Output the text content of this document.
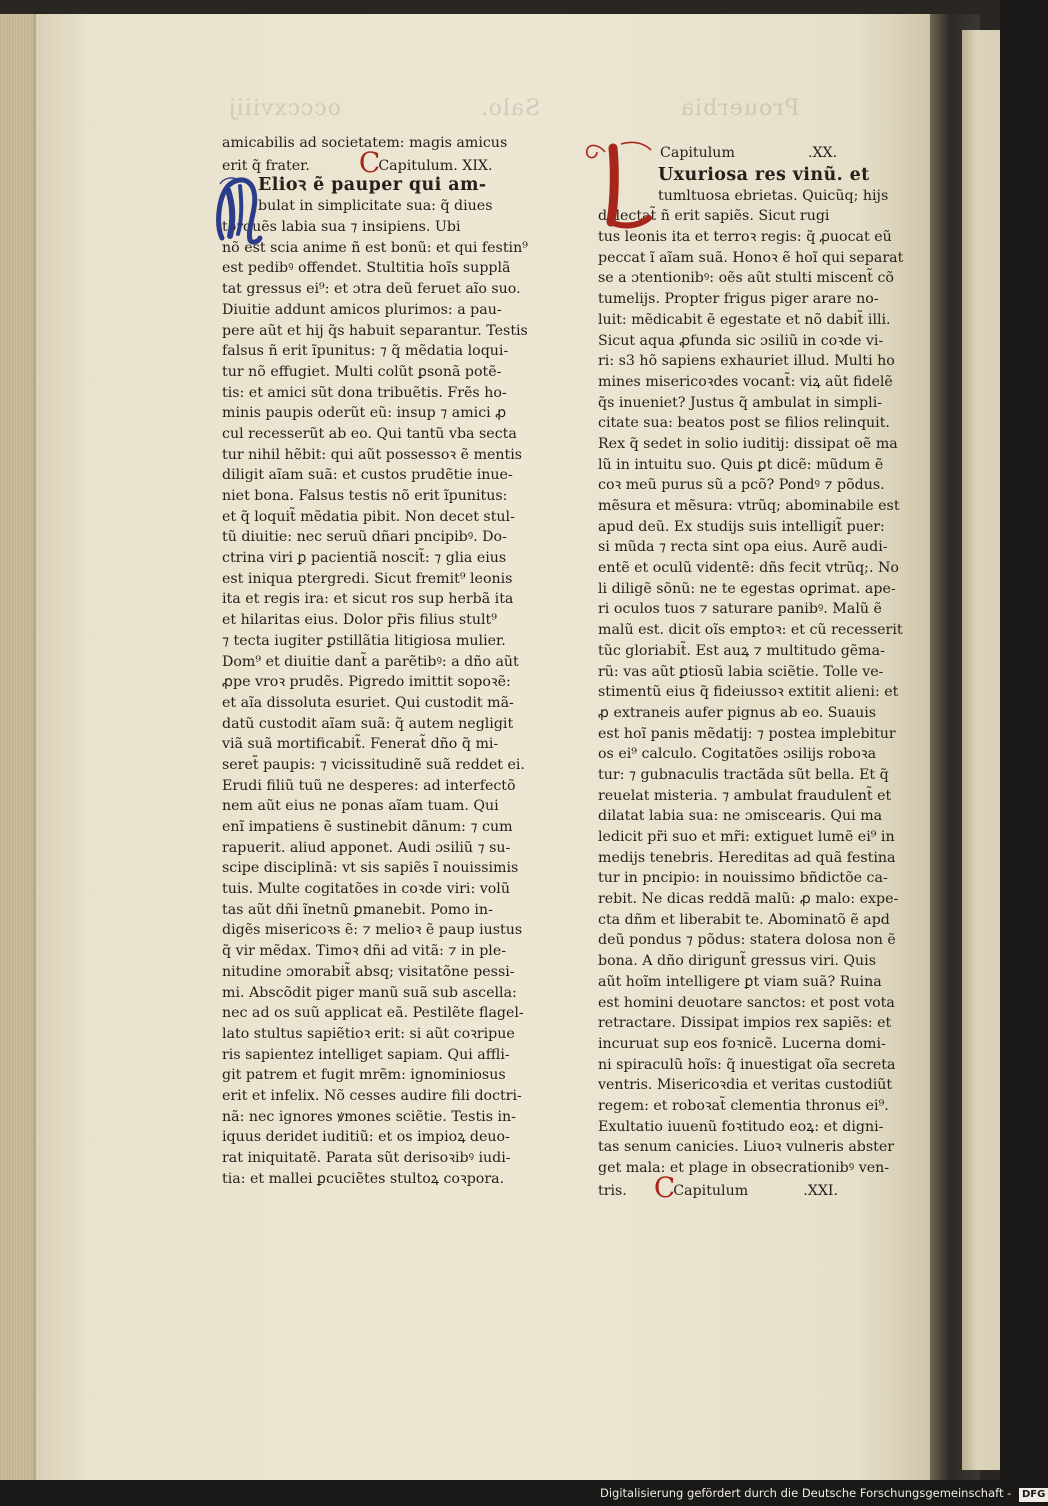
occcxviiij	Salo.	Prouerbia
amicabilis ad societatem: magis amicus
erit q̃ frater. CCapitulum. XIX.
Elioꝛ ẽ pauper qui am-
bulat in simplicitate sua: q̃ diues
torquẽs labia sua ⁊ insipiens. Ubi
nõ est scia anime ñ est bonũ: et qui festin⁹
est pedibꝰ offendet. Stultitia hoĩs supplã
tat gressus ei⁹: et ɔtra deũ feruet aĩo suo.
Diuitie addunt amicos plurimos: a pau-
pere aũt et hij q̃s habuit separantur. Testis
falsus ñ erit ĩpunitus: ⁊ q̃ mẽdatia loqui-
tur nõ effugiet. Multi colũt ꝑsonã potẽ-
tis: et amici sũt dona tribuẽtis. Frẽs ho-
minis paupis oderũt eũ: insup ⁊ amici ꝓ
cul recesserũt ab eo. Qui tantũ vba secta
tur nihil hẽbit: qui aũt possessoꝛ ẽ mentis
diligit aĩam suã: et custos prudẽtie inue-
niet bona. Falsus testis nõ erit ĩpunitus:
et q̃ loquit̃ mẽdatia pibit. Non decet stul-
tũ diuitie: nec seruũ dñari pncipibꝰ. Do-
ctrina viri ꝑ pacientiã noscit̃: ⁊ glia eius
est iniqua ptergredi. Sicut fremit⁹ leonis
ita et regis ira: et sicut ros sup herbã ita
et hilaritas eius. Dolor pr̃is filius stult⁹
⁊ tecta iugiter ꝑstillãtia litigiosa mulier.
Dom⁹ et diuitie dant̃ a parẽtibꝰ: a dño aũt
ꝓpe vroꝛ prudẽs. Pigredo imittit sopoꝛẽ:
et aĩa dissoluta esuriet. Qui custodit mã-
datũ custodit aĩam suã: q̃ autem negligit
viã suã mortificabit̃. Fenerat̃ dño q̃ mi-
seret̃ paupis: ⁊ vicissitudinẽ suã reddet ei.
Erudi filiũ tuũ ne desperes: ad interfectõ
nem aũt eius ne ponas aĩam tuam. Qui
enĩ impatiens ẽ sustinebit dãnum: ⁊ cum
rapuerit. aliud apponet. Audi ɔsiliũ ⁊ su-
scipe disciplinã: vt sis sapiẽs ĩ nouissimis
tuis. Multe cogitatões in coꝛde viri: volũ
tas aũt dñi ĩnetnũ ꝑmanebit. Pomo in-
digẽs misericoꝛs ẽ: ⁊ melioꝛ ẽ paup iustus
q̃ vir mẽdax. Timoꝛ dñi ad vitã: ⁊ in ple-
nitudine ɔmorabit̃ absq; visitatõne pessi-
mi. Abscõdit piger manũ suã sub ascella:
nec ad os suũ applicat eã. Pestilẽte flagel-
lato stultus sapiẽtioꝛ erit: si aũt coꝛripue
ris sapientez intelliget sapiam. Qui affli-
git patrem et fugit mrẽm: ignominiosus
erit et infelix. Nõ cesses audire fili doctri-
nã: nec ignores ꝟmones sciẽtie. Testis in-
iquus deridet iuditiũ: et os impioꝝ deuo-
rat iniquitatẽ. Parata sũt derisoꝛibꝰ iudi-
tia: et mallei ꝑcuciẽtes stultoꝝ coꝛpora.
Capitulum	.XX.
Uxuriosa res vinũ. et
tumltuosa ebrietas. Quicũq; hijs
delectat̃ ñ erit sapiẽs. Sicut rugi
tus leonis ita et terroꝛ regis: q̃ ꝓuocat eũ
peccat ĩ aĩam suã. Honoꝛ ẽ hoĩ qui separat
se a ɔtentionibꝰ: oẽs aũt stulti miscent̃ cõ
tumelijs. Propter frigus piger arare no-
luit: mẽdicabit ẽ egestate et nõ dabit̃ illi.
Sicut aqua ꝓfunda sic ɔsiliũ in coꝛde vi-
ri: s3 hõ sapiens exhauriet illud. Multi ho
mines misericoꝛdes vocant̃: viꝝ aũt fidelẽ
q̃s inueniet? Justus q̃ ambulat in simpli-
citate sua: beatos post se filios relinquit.
Rex q̃ sedet in solio iuditij: dissipat oẽ ma
lũ in intuitu suo. Quis ꝑt dicẽ: mũdum ẽ
coꝛ meũ purus sũ a pcõ? Pondꝰ ⁊ põdus.
mẽsura et mẽsura: vtrũq; abominabile est
apud deũ. Ex studijs suis intelligit̃ puer:
si mũda ⁊ recta sint opa eius. Aurẽ audi-
entẽ et oculũ videntẽ: dñs fecit vtrũq;. No
li diligẽ sõnũ: ne te egestas oꝑrimat. ape-
ri oculos tuos ⁊ saturare panibꝰ. Malũ ẽ
malũ est. dicit oĩs emptoꝛ: et cũ recesserit
tũc gloriabit̃. Est auꝝ ⁊ multitudo gẽma-
rũ: vas aũt ꝑtiosũ labia sciẽtie. Tolle ve-
stimentũ eius q̃ fideiussoꝛ extitit alieni: et
ꝓ extraneis aufer pignus ab eo. Suauis
est hoĩ panis mẽdatij: ⁊ postea implebitur
os ei⁹ calculo. Cogitatões ɔsilijs roboꝛa
tur: ⁊ gubnaculis tractãda sũt bella. Et q̃
reuelat misteria. ⁊ ambulat fraudulent̃ et
dilatat labia sua: ne ɔmiscearis. Qui ma
ledicit pr̃i suo et mr̃i: extiguet lumẽ ei⁹ in
medijs tenebris. Hereditas ad quã festina
tur in pncipio: in nouissimo bñdictõe ca-
rebit. Ne dicas reddã malũ: ꝓ malo: expe-
cta dñm et liberabit te. Abominatõ ẽ apd
deũ pondus ⁊ põdus: statera dolosa non ẽ
bona. A dño dirigunt̃ gressus viri. Quis
aũt hoĩm intelligere ꝑt viam suã? Ruina
est homini deuotare sanctos: et post vota
retractare. Dissipat impios rex sapiẽs: et
incuruat sup eos foꝛnicẽ. Lucerna domi-
ni spiraculũ hoĩs: q̃ inuestigat oĩa secreta
ventris. Misericoꝛdia et veritas custodiũt
regem: et roboꝛat̃ clementia thronus ei⁹.
Exultatio iuuenũ foꝛtitudo eoꝝ: et digni-
tas senum canicies. Liuoꝛ vulneris abster
get mala: et plage in obsecrationibꝰ ven-
tris. CCapitulum	.XXI.
Digitalisierung gefördert durch die Deutsche Forschungsgemeinschaft - DFG
